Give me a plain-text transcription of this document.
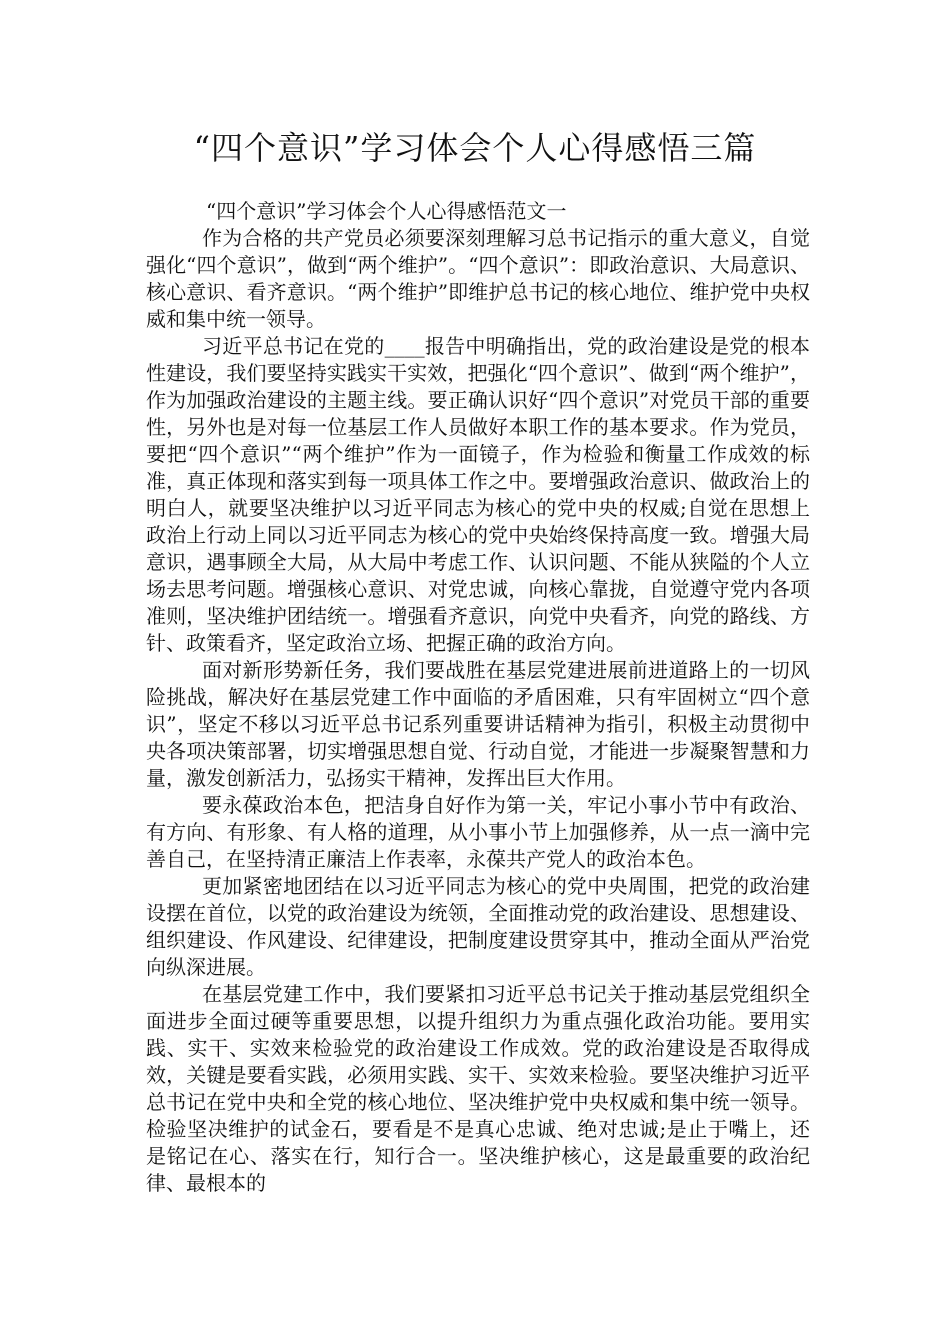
“四个意识”学习体会个人心得感悟三篇

“四个意识”学习体会个人心得感悟范文一

作为合格的共产党员必须要深刻理解习总书记指示的重大意义，自觉强化“四个意识”，做到“两个维护”。“四个意识”：即政治意识、大局意识、核心意识、看齐意识。“两个维护”即维护总书记的核心地位、维护党中央权威和集中统一领导。

习近平总书记在党的____报告中明确指出，党的政治建设是党的根本性建设，我们要坚持实践实干实效，把强化“四个意识”、做到“两个维护”，作为加强政治建设的主题主线。要正确认识好“四个意识”对党员干部的重要性，另外也是对每一位基层工作人员做好本职工作的基本要求。作为党员，要把“四个意识”“两个维护”作为一面镜子，作为检验和衡量工作成效的标准，真正体现和落实到每一项具体工作之中。要增强政治意识、做政治上的明白人，就要坚决维护以习近平同志为核心的党中央的权威;自觉在思想上政治上行动上同以习近平同志为核心的党中央始终保持高度一致。增强大局意识，遇事顾全大局，从大局中考虑工作、认识问题、不能从狭隘的个人立场去思考问题。增强核心意识、对党忠诚，向核心靠拢，自觉遵守党内各项准则，坚决维护团结统一。增强看齐意识，向党中央看齐，向党的路线、方针、政策看齐，坚定政治立场、把握正确的政治方向。

面对新形势新任务，我们要战胜在基层党建进展前进道路上的一切风险挑战，解决好在基层党建工作中面临的矛盾困难，只有牢固树立“四个意识”，坚定不移以习近平总书记系列重要讲话精神为指引，积极主动贯彻中央各项决策部署，切实增强思想自觉、行动自觉，才能进一步凝聚智慧和力量，激发创新活力，弘扬实干精神，发挥出巨大作用。

要永葆政治本色，把洁身自好作为第一关，牢记小事小节中有政治、有方向、有形象、有人格的道理，从小事小节上加强修养，从一点一滴中完善自己，在坚持清正廉洁上作表率，永葆共产党人的政治本色。

更加紧密地团结在以习近平同志为核心的党中央周围，把党的政治建设摆在首位，以党的政治建设为统领，全面推动党的政治建设、思想建设、组织建设、作风建设、纪律建设，把制度建设贯穿其中，推动全面从严治党向纵深进展。

在基层党建工作中，我们要紧扣习近平总书记关于推动基层党组织全面进步全面过硬等重要思想，以提升组织力为重点强化政治功能。要用实践、实干、实效来检验党的政治建设工作成效。党的政治建设是否取得成效，关键是要看实践，必须用实践、实干、实效来检验。要坚决维护习近平总书记在党中央和全党的核心地位、坚决维护党中央权威和集中统一领导。检验坚决维护的试金石，要看是不是真心忠诚、绝对忠诚;是止于嘴上，还是铭记在心、落实在行，知行合一。坚决维护核心，这是最重要的政治纪律、最根本的
